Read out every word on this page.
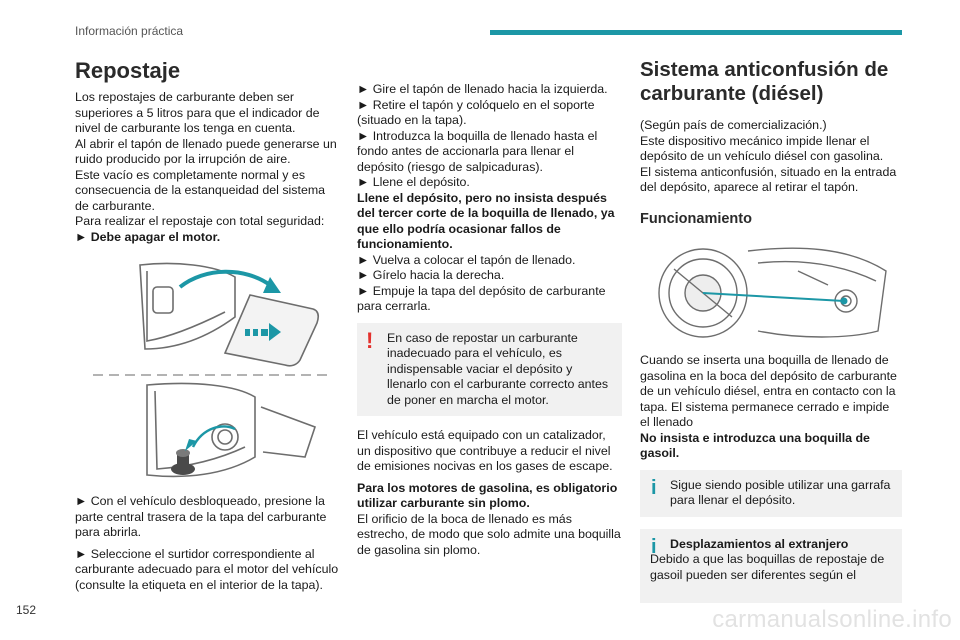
Información práctica
Repostaje

Los repostajes de carburante deben ser superiores a 5 litros para que el indicador de nivel de carburante los tenga en cuenta.

Al abrir el tapón de llenado puede generarse un ruido producido por la irrupción de aire.

Este vacío es completamente normal y es consecuencia de la estanqueidad del sistema de carburante.

Para realizar el repostaje con total seguridad:

► Debe apagar el motor.

► Con el vehículo desbloqueado, presione la parte central trasera de la tapa del carburante para abrirla.

► Seleccione el surtidor correspondiente al carburante adecuado para el motor del vehículo (consulte la etiqueta en el interior de la tapa).

► Gire el tapón de llenado hacia la izquierda.

► Retire el tapón y colóquelo en el soporte (situado en la tapa).

► Introduzca la boquilla de llenado hasta el fondo antes de accionarla para llenar el depósito (riesgo de salpicaduras).

► Llene el depósito.

Llene el depósito, pero no insista después del tercer corte de la boquilla de llenado, ya que ello podría ocasionar fallos de funcionamiento.

► Vuelva a colocar el tapón de llenado.

► Gírelo hacia la derecha.

► Empuje la tapa del depósito de carburante para cerrarla.

!	En caso de repostar un carburante inadecuado para el vehículo, es indispensable vaciar el depósito y llenarlo con el carburante correcto antes de poner en marcha el motor.

El vehículo está equipado con un catalizador, un dispositivo que contribuye a reducir el nivel de emisiones nocivas en los gases de escape.

Para los motores de gasolina, es obligatorio utilizar carburante sin plomo.

El orificio de la boca de llenado es más estrecho, de modo que solo admite una boquilla de gasolina sin plomo.

Sistema anticonfusión de carburante (diésel)

(Según país de comercialización.)

Este dispositivo mecánico impide llenar el depósito de un vehículo diésel con gasolina.

El sistema anticonfusión, situado en la entrada del depósito, aparece al retirar el tapón.

Funcionamiento

Cuando se inserta una boquilla de llenado de gasolina en la boca del depósito de carburante de un vehículo diésel, entra en contacto con la tapa. El sistema permanece cerrado e impide el llenado

No insista e introduzca una boquilla de gasoil.

i	Sigue siendo posible utilizar una garrafa para llenar el depósito.

i	Desplazamientos al extranjero

Debido a que las boquillas de repostaje de gasoil pueden ser diferentes según el

152	carmanualsonline.info
